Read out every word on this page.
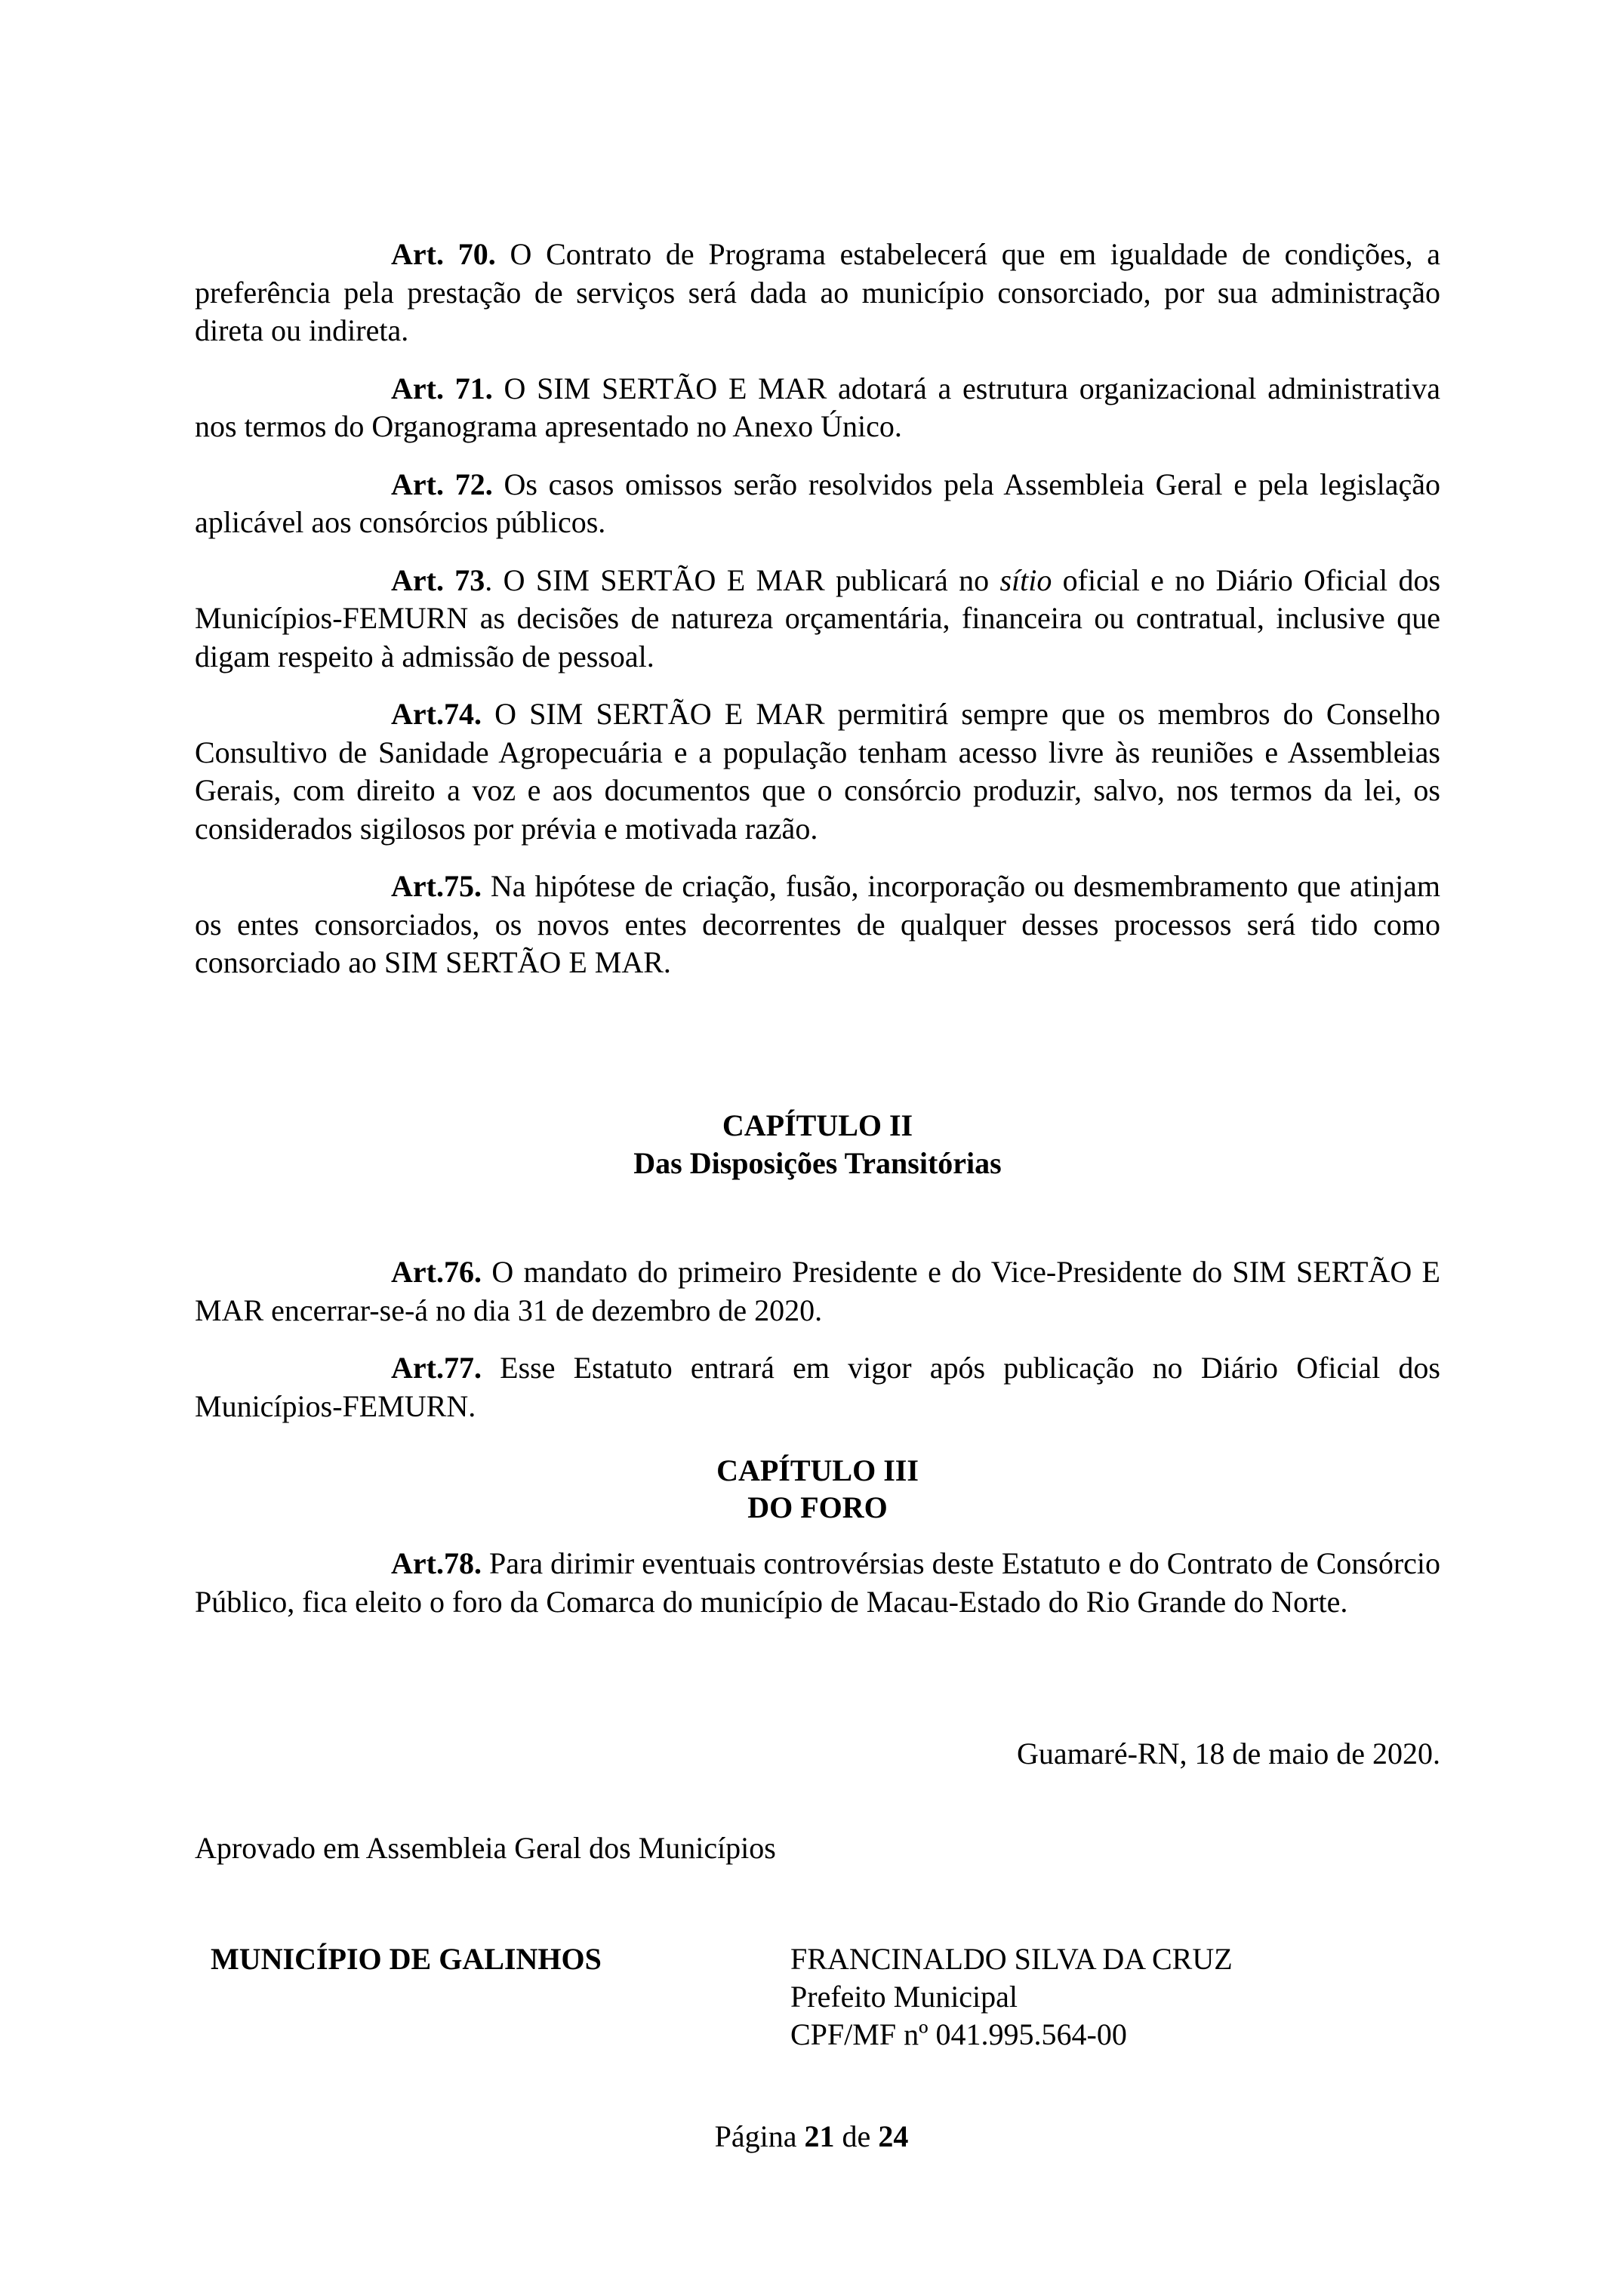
Art. 70. O Contrato de Programa estabelecerá que em igualdade de condições, a preferência pela prestação de serviços será dada ao município consorciado, por sua administração direta ou indireta.

Art. 71. O SIM SERTÃO E MAR adotará a estrutura organizacional administrativa nos termos do Organograma apresentado no Anexo Único.

Art. 72. Os casos omissos serão resolvidos pela Assembleia Geral e pela legislação aplicável aos consórcios públicos.

Art. 73. O SIM SERTÃO E MAR publicará no sítio oficial e no Diário Oficial dos Municípios-FEMURN as decisões de natureza orçamentária, financeira ou contratual, inclusive que digam respeito à admissão de pessoal.

Art.74. O SIM SERTÃO E MAR permitirá sempre que os membros do Conselho Consultivo de Sanidade Agropecuária e a população tenham acesso livre às reuniões e Assembleias Gerais, com direito a voz e aos documentos que o consórcio produzir, salvo, nos termos da lei, os considerados sigilosos por prévia e motivada razão.

Art.75. Na hipótese de criação, fusão, incorporação ou desmembramento que atinjam os entes consorciados, os novos entes decorrentes de qualquer desses processos será tido como consorciado ao SIM SERTÃO E MAR.

CAPÍTULO II

Das Disposições Transitórias

Art.76. O mandato do primeiro Presidente e do Vice-Presidente do SIM SERTÃO E MAR encerrar-se-á no dia 31 de dezembro de 2020.

Art.77. Esse Estatuto entrará em vigor após publicação no Diário Oficial dos Municípios-FEMURN.

CAPÍTULO III

DO FORO

Art.78. Para dirimir eventuais controvérsias deste Estatuto e do Contrato de Consórcio Público, fica eleito o foro da Comarca do município de Macau-Estado do Rio Grande do Norte.

Guamaré-RN, 18 de maio de 2020.

Aprovado em Assembleia Geral dos Municípios

MUNICÍPIO DE GALINHOS	FRANCINALDO SILVA DA CRUZ
Prefeito Municipal
CPF/MF nº 041.995.564-00
Página 21 de 24
